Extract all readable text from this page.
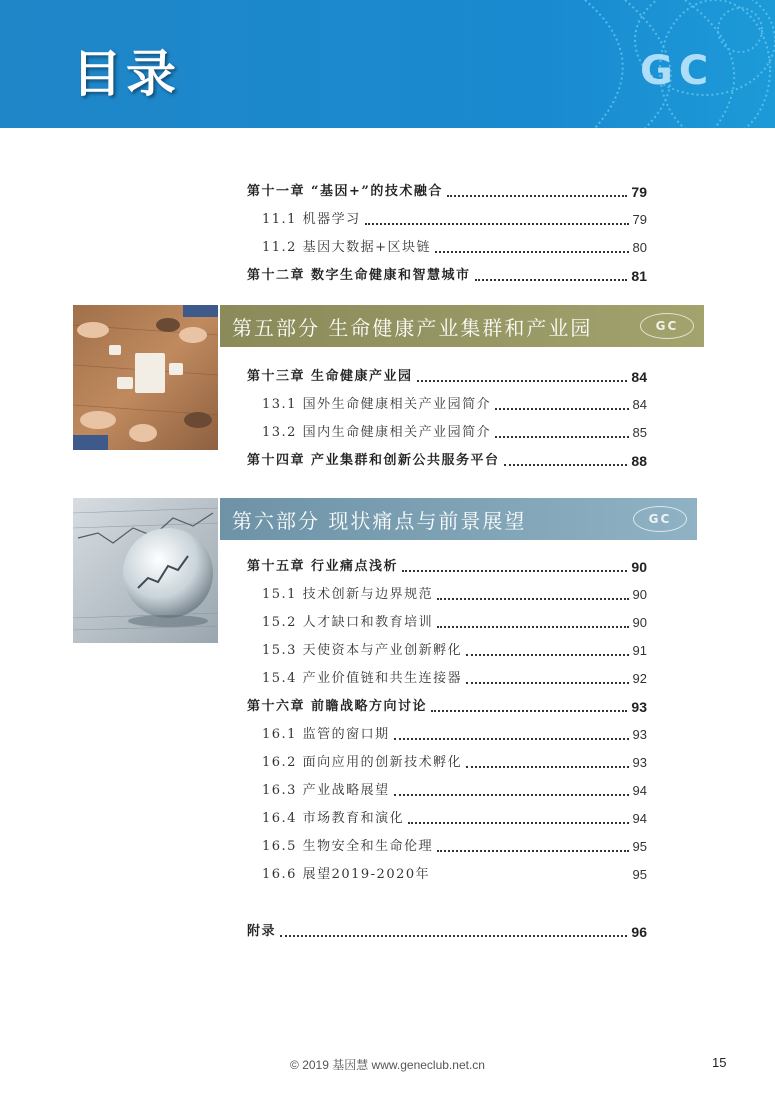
目录	GC
第十一章 “基因+”的技术融合	79
11.1 机器学习	79
11.2 基因大数据+区块链	80
第十二章 数字生命健康和智慧城市	81
第五部分 生命健康产业集群和产业园	GC
第十三章 生命健康产业园	84
13.1 国外生命健康相关产业园简介	84
13.2 国内生命健康相关产业园简介	85
第十四章 产业集群和创新公共服务平台	88
第六部分 现状痛点与前景展望	GC
第十五章 行业痛点浅析	90
15.1 技术创新与边界规范	90
15.2 人才缺口和教育培训	90
15.3 天使资本与产业创新孵化	91
15.4 产业价值链和共生连接器	92
第十六章 前瞻战略方向讨论	93
16.1 监管的窗口期	93
16.2 面向应用的创新技术孵化	93
16.3 产业战略展望	94
16.4 市场教育和演化	94
16.5 生物安全和生命伦理	95
16.6 展望2019-2020年	95
附录	96
© 2019 基因慧 www.geneclub.net.cn	15
